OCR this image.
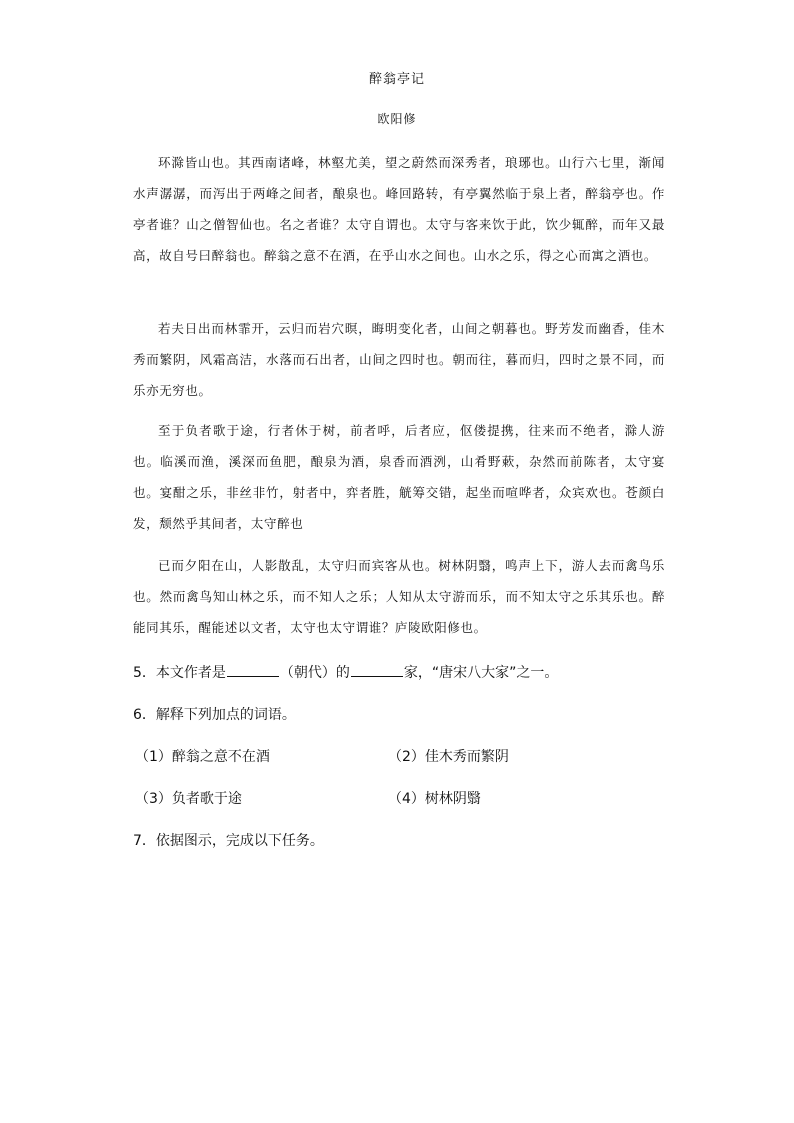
醉翁亭记
欧阳修

环滁皆山也。其西南诸峰，林壑尤美，望之蔚然而深秀者，琅琊也。山行六七里，渐闻水声潺潺，而泻出于两峰之间者，酿泉也。峰回路转，有亭翼然临于泉上者，醉翁亭也。作亭者谁？山之僧智仙也。名之者谁？太守自谓也。太守与客来饮于此，饮少辄醉，而年又最高，故自号曰醉翁也。醉翁之意不在酒，在乎山水之间也。山水之乐，得之心而寓之酒也。

若夫日出而林霏开，云归而岩穴暝，晦明变化者，山间之朝暮也。野芳发而幽香，佳木秀而繁阴，风霜高洁，水落而石出者，山间之四时也。朝而往，暮而归，四时之景不同，而乐亦无穷也。

至于负者歌于途，行者休于树，前者呼，后者应，伛偻提携，往来而不绝者，滁人游也。临溪而渔，溪深而鱼肥，酿泉为酒，泉香而酒洌，山肴野蔌，杂然而前陈者，太守宴也。宴酣之乐，非丝非竹，射者中，弈者胜，觥筹交错，起坐而喧哗者，众宾欢也。苍颜白发，颓然乎其间者，太守醉也

已而夕阳在山，人影散乱，太守归而宾客从也。树林阴翳，鸣声上下，游人去而禽鸟乐也。然而禽鸟知山林之乐，而不知人之乐；人知从太守游而乐，而不知太守之乐其乐也。醉能同其乐，醒能述以文者，太守也太守谓谁？庐陵欧阳修也。

5．本文作者是	（朝代）的	家，“唐宋八大家”之一。
6．解释下列加点的词语。
（1）醉翁之意不在酒	（2）佳木秀而繁阴
（3）负者歌于途	（4）树林阴翳
7．依据图示，完成以下任务。
